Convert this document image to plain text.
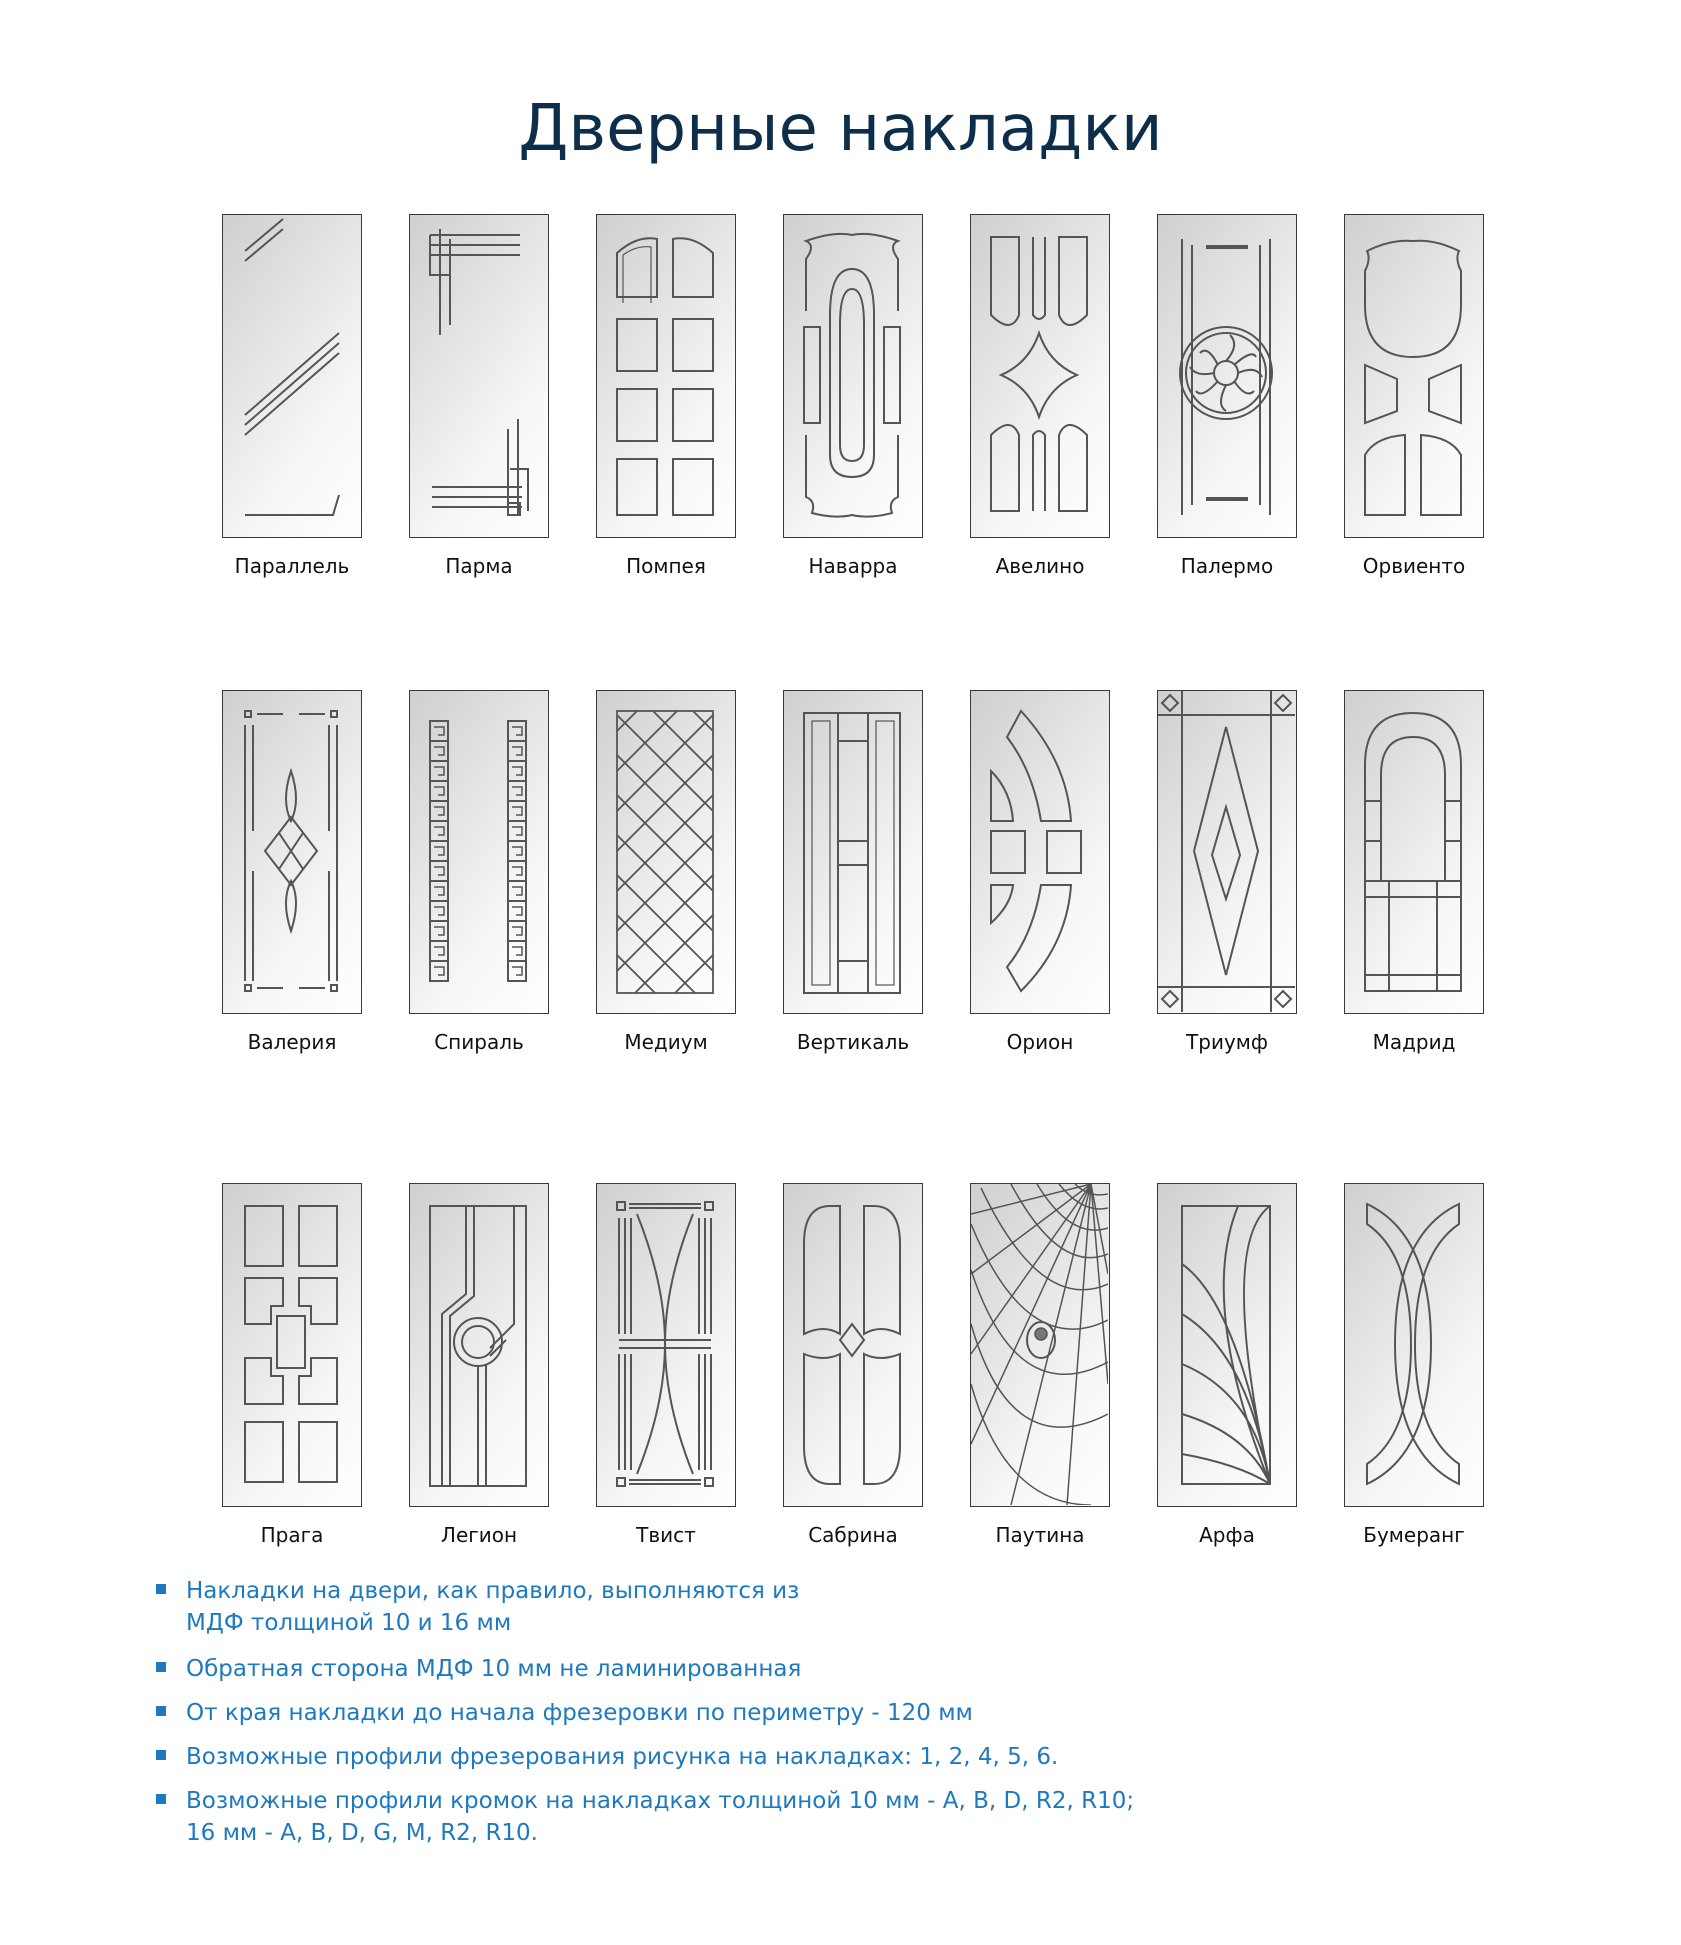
Дверные накладки
Параллель	Парма	Помпея	Наварра	Авелино	Палермо	Орвиенто
Валерия	Спираль	Медиум	Вертикаль	Орион	Триумф	Мадрид
Прага	Легион	Твист	Сабрина	Паутина	Арфа	Бумеранг
Накладки на двери, как правило, выполняются из
МДФ толщиной 10 и 16 мм
Обратная сторона МДФ 10 мм не ламинированная
От края накладки до начала фрезеровки по периметру - 120 мм
Возможные профили фрезерования рисунка на накладках: 1, 2, 4, 5, 6.
Возможные профили кромок на накладках толщиной 10 мм - A, B, D, R2, R10;
16 мм - A, B, D, G, M, R2, R10.
